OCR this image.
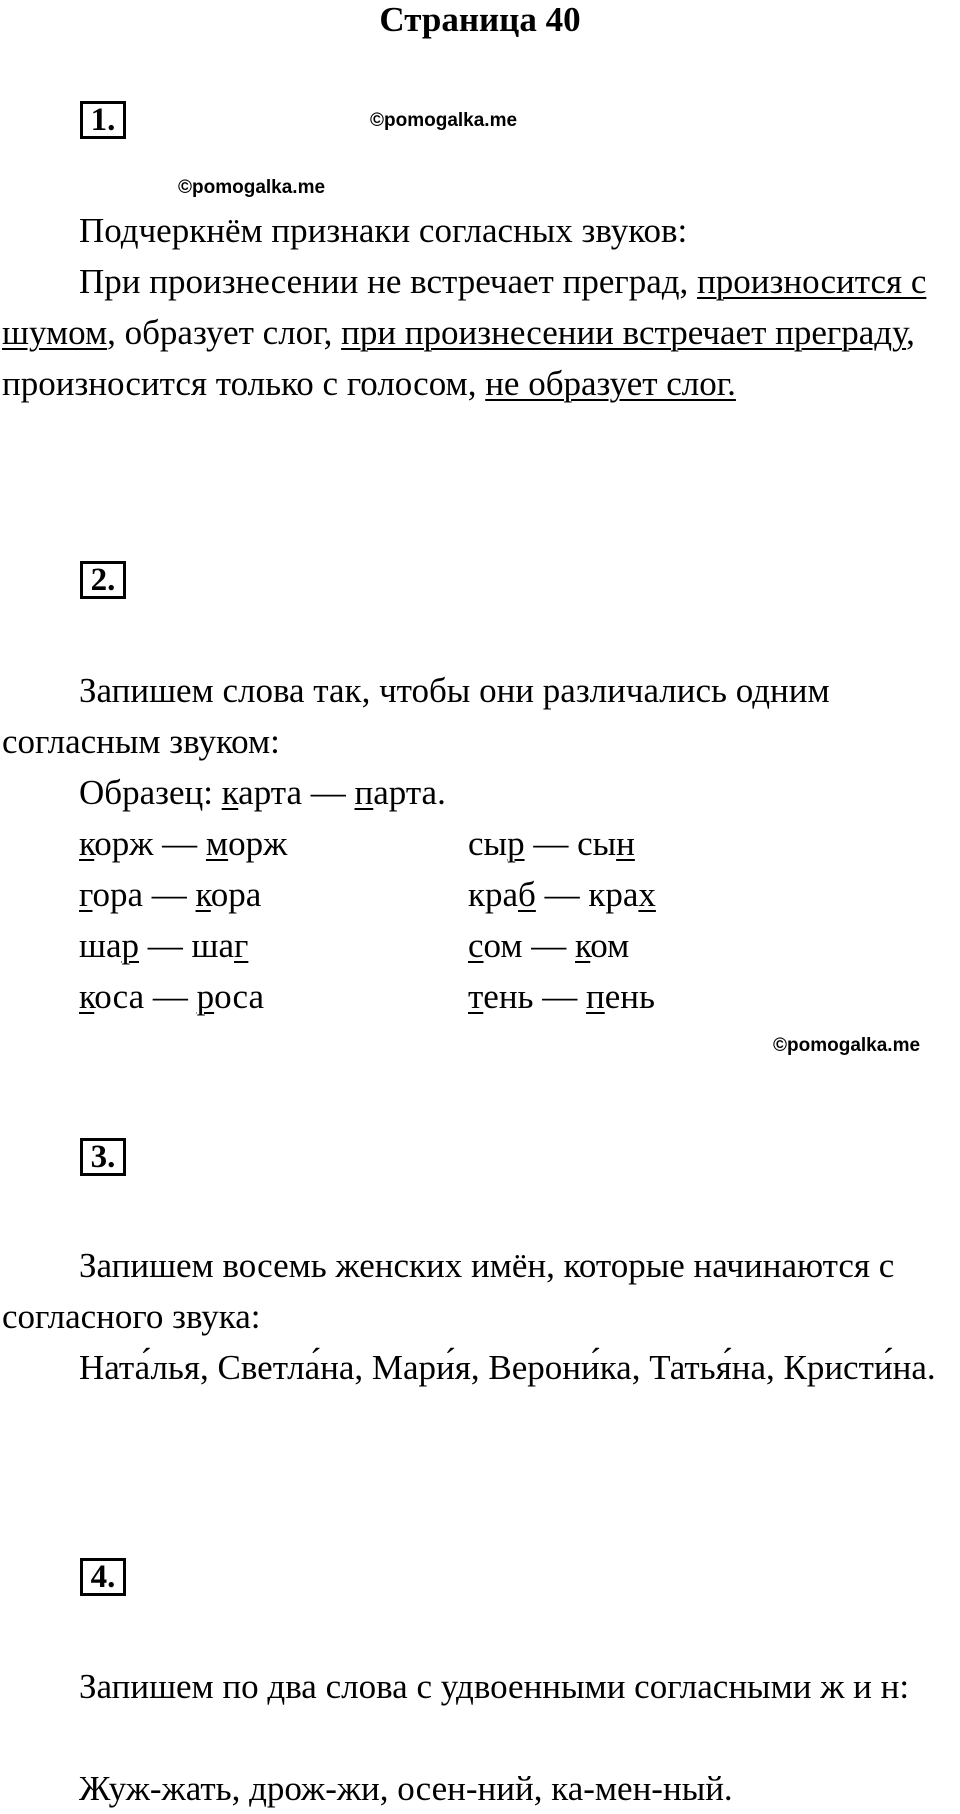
Страница 40
1.	©pomogalka.me
©pomogalka.me

Подчеркнём признаки согласных звуков:

При произнесении не встречает преград, произносится с шумом, образует слог, при произнесении встречает преграду, произносится только с голосом, не образует слог.

2.

Запишем слова так, чтобы они различались одним согласным звуком:

Образец: карта — парта.

корж — морж

гора — кора

шар — шаг

коса — роса

сыр — сын

краб — крах

сом — ком

тень — пень

©pomogalka.me
3.

Запишем восемь женских имён, которые начинаются с согласного звука:

Ната́лья, Светла́на, Мари́я, Верони́ка, Татья́на, Кристи́на.

4.

Запишем по два слова с удвоенными согласными ж и н:

Жуж-жать, дрож-жи, осен-ний, ка-мен-ный.
